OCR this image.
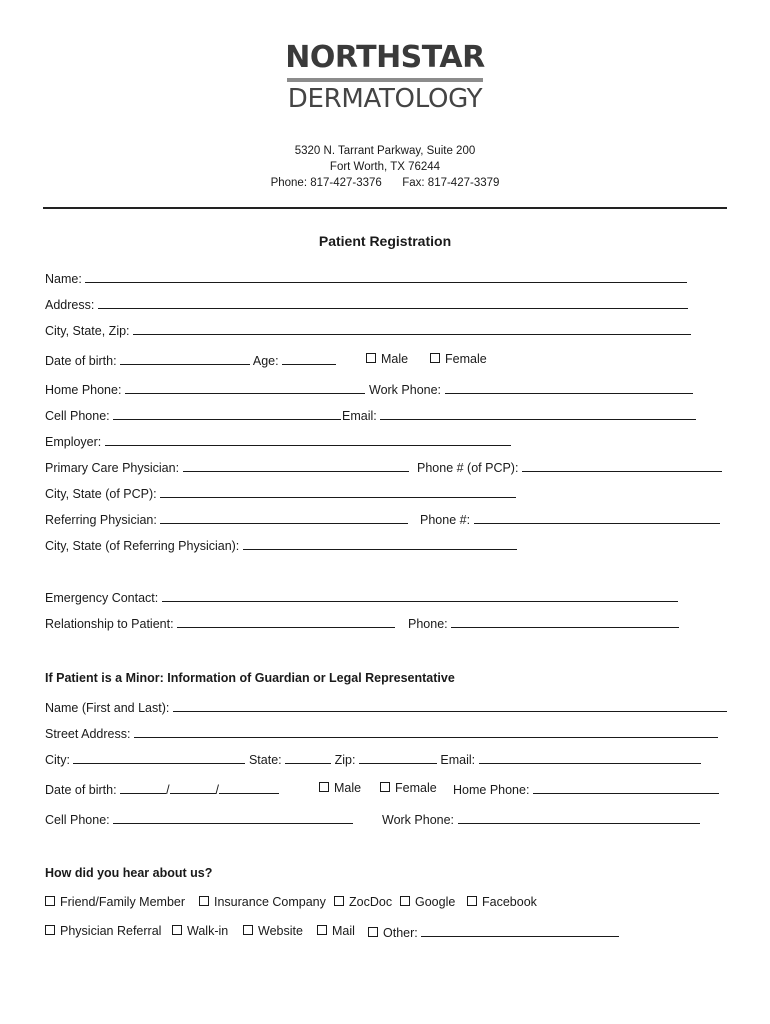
NORTHSTAR
DERMATOLOGY
5320 N. Tarrant Parkway, Suite 200
Fort Worth, TX 76244
Phone: 817-427-3376 Fax: 817-427-3379
Patient Registration
Name:
Address:
City, State, Zip:
Date of birth:	Age:	Male	Female
Home Phone:	Work Phone:
Cell Phone:	Email:
Employer:
Primary Care Physician:	Phone # (of PCP):
City, State (of PCP):
Referring Physician:	Phone #:
City, State (of Referring Physician):
Emergency Contact:
Relationship to Patient:	Phone:
If Patient is a Minor: Information of Guardian or Legal Representative
Name (First and Last):
Street Address:
City:	State:	Zip:	Email:
Date of birth:	/	/	Male	Female Home Phone:
Cell Phone:	Work Phone:
How did you hear about us?
Friend/Family Member	Insurance Company	ZocDoc	Google	Facebook
Physician Referral	Walk-in	Website	Mail	Other:
